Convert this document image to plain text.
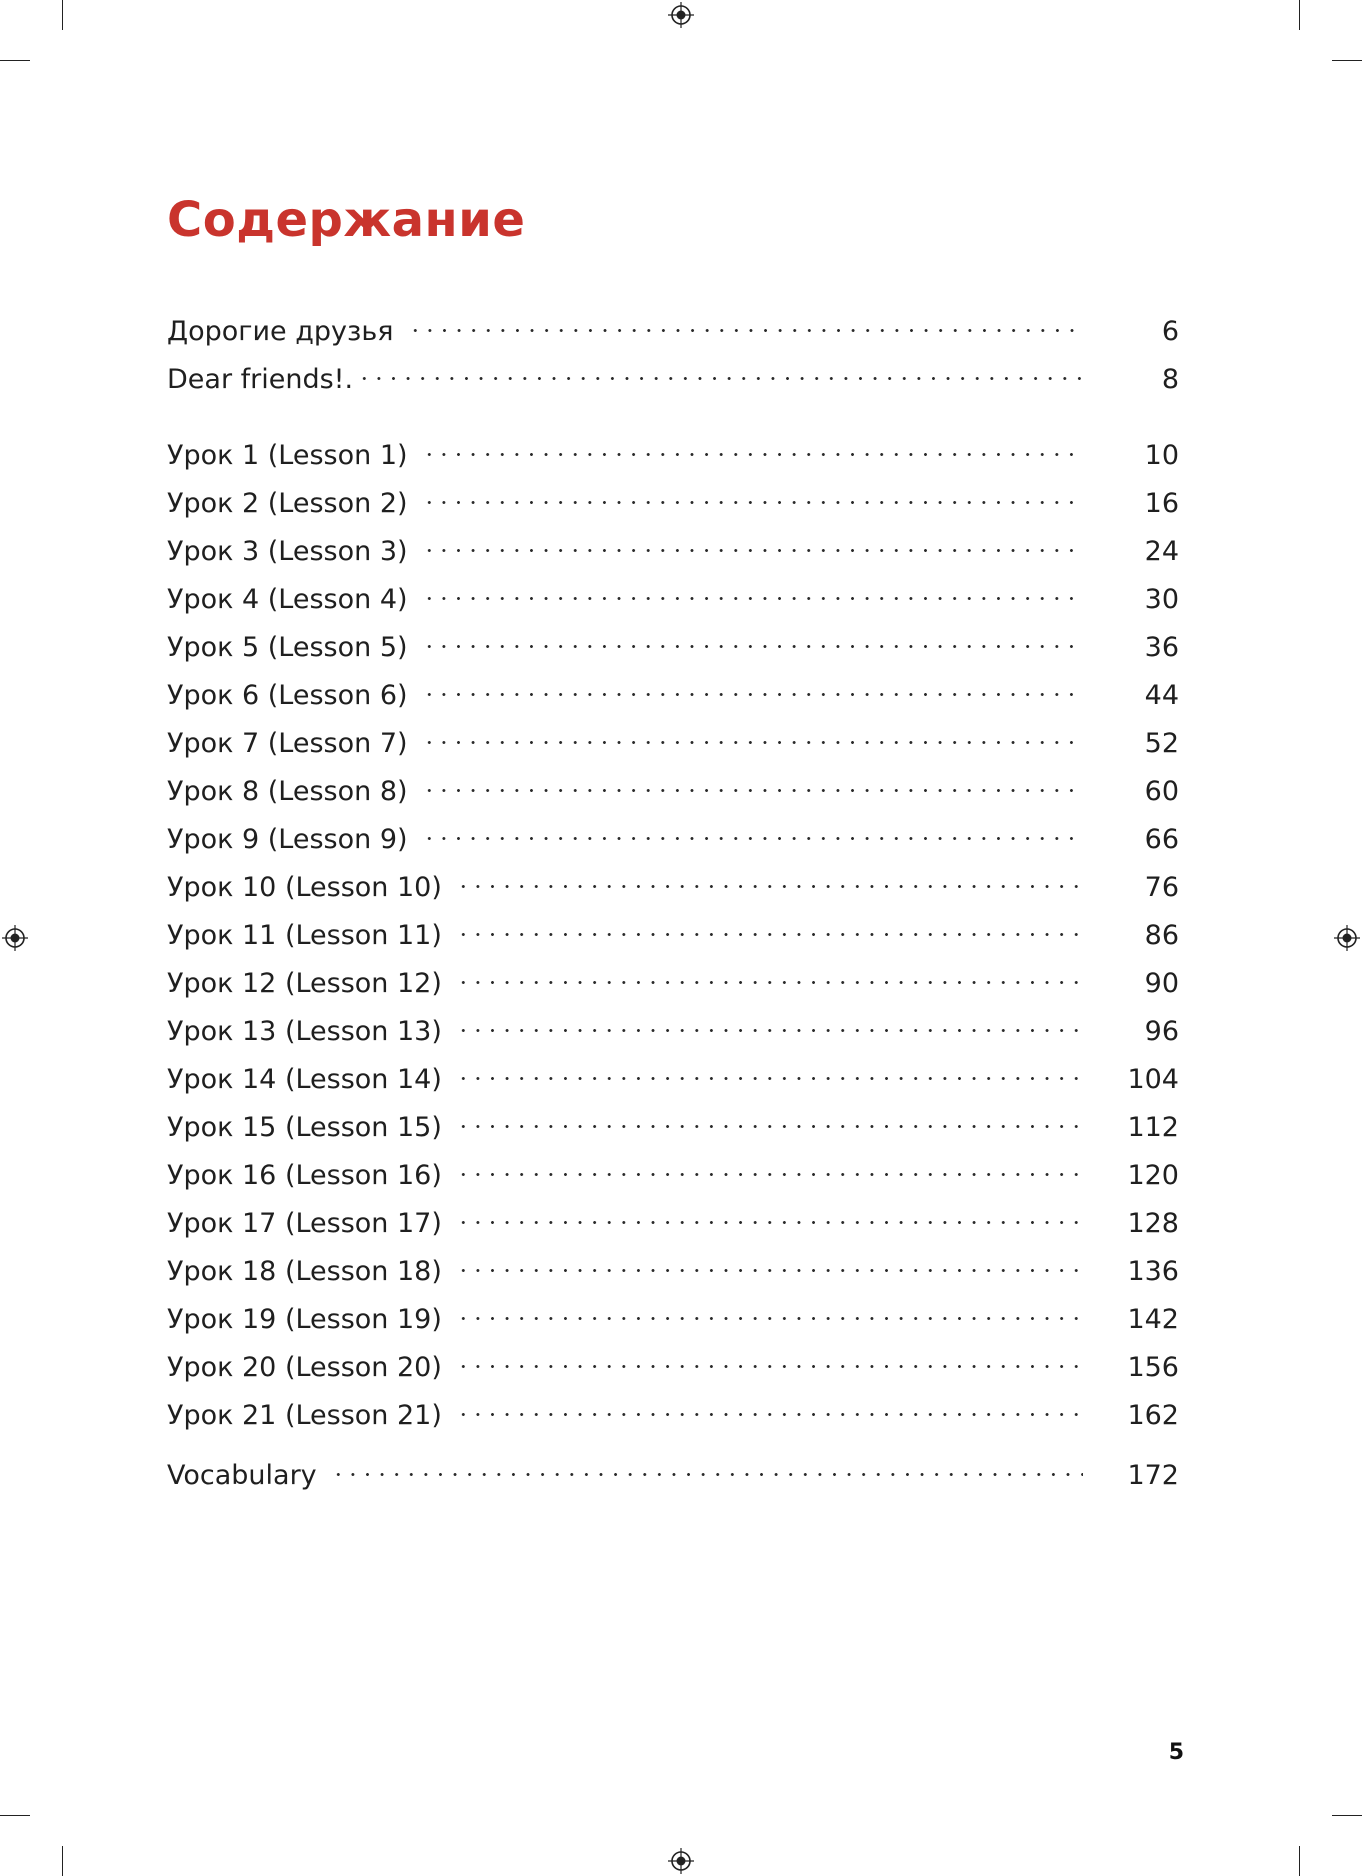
Содержание
Дорогие друзья	6
Dear friends!.	8
Урок 1 (Lesson 1)	10
Урок 2 (Lesson 2)	16
Урок 3 (Lesson 3)	24
Урок 4 (Lesson 4)	30
Урок 5 (Lesson 5)	36
Урок 6 (Lesson 6)	44
Урок 7 (Lesson 7)	52
Урок 8 (Lesson 8)	60
Урок 9 (Lesson 9)	66
Урок 10 (Lesson 10)	76
Урок 11 (Lesson 11)	86
Урок 12 (Lesson 12)	90
Урок 13 (Lesson 13)	96
Урок 14 (Lesson 14)	104
Урок 15 (Lesson 15)	112
Урок 16 (Lesson 16)	120
Урок 17 (Lesson 17)	128
Урок 18 (Lesson 18)	136
Урок 19 (Lesson 19)	142
Урок 20 (Lesson 20)	156
Урок 21 (Lesson 21)	162
Vocabulary	172
5
